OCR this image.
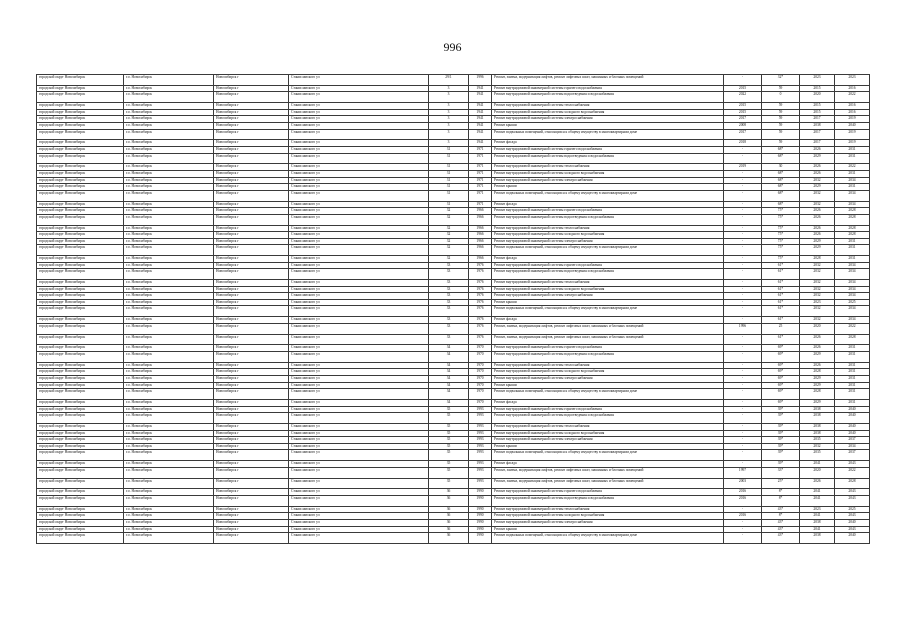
996
городской округ Новосибирск	г.о. Новосибирск	Новосибирск г	Станиславского ул	29/1	1996	Ремонт, замена, модернизация лифтов, ремонт лифтовых шахт, машинных и блочных помещений	-	32*	2023	2023
городской округ Новосибирск	г.о. Новосибирск	Новосибирск г	Станиславского ул	3	1941	Ремонт внутридомовой инженерной системы горячего водоснабжения	2015	59	2015	2016
городской округ Новосибирск	г.о. Новосибирск	Новосибирск г	Станиславского ул	3	1941	Ремонт внутридомовой инженерной системы водоотведения и водоснабжения	2022	0	2020	2022
городской округ Новосибирск	г.о. Новосибирск	Новосибирск г	Станиславского ул	3	1941	Ремонт внутридомовой инженерной системы теплоснабжения	2015	59	2015	2016
городской округ Новосибирск	г.о. Новосибирск	Новосибирск г	Станиславского ул	3	1941	Ремонт внутридомовой инженерной системы холодного водоснабжения	2015	59	2015	2016
городской округ Новосибирск	г.о. Новосибирск	Новосибирск г	Станиславского ул	3	1941	Ремонт внутридомовой инженерной системы электроснабжения	2017	59	2017	2019
городской округ Новосибирск	г.о. Новосибирск	Новосибирск г	Станиславского ул	3	1941	Ремонт крыши	2008	59	2038	2040
городской округ Новосибирск	г.о. Новосибирск	Новосибирск г	Станиславского ул	3	1941	Ремонт подвальных помещений, относящихся к общему имуществу в многоквартирном доме	2017	59	2017	2019
городской округ Новосибирск	г.о. Новосибирск	Новосибирск г	Станиславского ул	3	1941	Ремонт фасада	2018	59	2017	2019
городской округ Новосибирск	г.о. Новосибирск	Новосибирск г	Станиславского ул	31	1971	Ремонт внутридомовой инженерной системы горячего водоснабжения	-	68*	2026	2031
городской округ Новосибирск	г.о. Новосибирск	Новосибирск г	Станиславского ул	31	1971	Ремонт внутридомовой инженерной системы водоотведения и водоснабжения	-	68*	2029	2031
городской округ Новосибирск	г.о. Новосибирск	Новосибирск г	Станиславского ул	31	1971	Ремонт внутридомовой инженерной системы теплоснабжения	2019	30	2026	2022
городской округ Новосибирск	г.о. Новосибирск	Новосибирск г	Станиславского ул	31	1971	Ремонт внутридомовой инженерной системы холодного водоснабжения	-	68*	2026	2031
городской округ Новосибирск	г.о. Новосибирск	Новосибирск г	Станиславского ул	31	1971	Ремонт внутридомовой инженерной системы электроснабжения	-	68*	2032	2034
городской округ Новосибирск	г.о. Новосибирск	Новосибирск г	Станиславского ул	31	1971	Ремонт крыши	-	68*	2029	2031
городской округ Новосибирск	г.о. Новосибирск	Новосибирск г	Станиславского ул	31	1971	Ремонт подвальных помещений, относящихся к общему имуществу в многоквартирном доме	-	68*	2032	2034
городской округ Новосибирск	г.о. Новосибирск	Новосибирск г	Станиславского ул	31	1971	Ремонт фасада	-	68*	2032	2034
городской округ Новосибирск	г.о. Новосибирск	Новосибирск г	Станиславского ул	32	1966	Ремонт внутридомовой инженерной системы горячего водоснабжения	-	75*	2026	2028
городской округ Новосибирск	г.о. Новосибирск	Новосибирск г	Станиславского ул	32	1966	Ремонт внутридомовой инженерной системы водоотведения и водоснабжения	-	75*	2026	2028
городской округ Новосибирск	г.о. Новосибирск	Новосибирск г	Станиславского ул	32	1966	Ремонт внутридомовой инженерной системы теплоснабжения	-	75*	2026	2028
городской округ Новосибирск	г.о. Новосибирск	Новосибирск г	Станиславского ул	32	1966	Ремонт внутридомовой инженерной системы холодного водоснабжения	-	75*	2026	2028
городской округ Новосибирск	г.о. Новосибирск	Новосибирск г	Станиславского ул	32	1966	Ремонт внутридомовой инженерной системы электроснабжения	-	75*	2029	2031
городской округ Новосибирск	г.о. Новосибирск	Новосибирск г	Станиславского ул	32	1966	Ремонт подвальных помещений, относящихся к общему имуществу в многоквартирном доме	-	75*	2029	2031
городской округ Новосибирск	г.о. Новосибирск	Новосибирск г	Станиславского ул	32	1966	Ремонт фасада	-	75*	2028	2031
городской округ Новосибирск	г.о. Новосибирск	Новосибирск г	Станиславского ул	33	1976	Ремонт внутридомовой инженерной системы горячего водоснабжения	-	61*	2032	2034
городской округ Новосибирск	г.о. Новосибирск	Новосибирск г	Станиславского ул	33	1976	Ремонт внутридомовой инженерной системы водоотведения и водоснабжения	-	61*	2032	2034
городской округ Новосибирск	г.о. Новосибирск	Новосибирск г	Станиславского ул	33	1976	Ремонт внутридомовой инженерной системы теплоснабжения	-	61*	2032	2034
городской округ Новосибирск	г.о. Новосибирск	Новосибирск г	Станиславского ул	33	1976	Ремонт внутридомовой инженерной системы холодного водоснабжения	-	61*	2032	2034
городской округ Новосибирск	г.о. Новосибирск	Новосибирск г	Станиславского ул	33	1976	Ремонт внутридомовой инженерной системы электроснабжения	-	61*	2032	2034
городской округ Новосибирск	г.о. Новосибирск	Новосибирск г	Станиславского ул	33	1976	Ремонт крыши	-	61*	2023	2025
городской округ Новосибирск	г.о. Новосибирск	Новосибирск г	Станиславского ул	33	1976	Ремонт подвальных помещений, относящихся к общему имуществу в многоквартирном доме	-	61*	2032	2034
городской округ Новосибирск	г.о. Новосибирск	Новосибирск г	Станиславского ул	33	1976	Ремонт фасада	-	61*	2032	2034
городской округ Новосибирск	г.о. Новосибирск	Новосибирск г	Станиславского ул	33	1976	Ремонт, замена, модернизация лифтов, ремонт лифтовых шахт, машинных и блочных помещений	1996	25	2020	2022
городской округ Новосибирск	г.о. Новосибирск	Новосибирск г	Станиславского ул	33	1976	Ремонт, замена, модернизация лифтов, ремонт лифтовых шахт, машинных и блочных помещений	-	61*	2026	2028
городской округ Новосибирск	г.о. Новосибирск	Новосибирск г	Станиславского ул	34	1970	Ремонт внутридомовой инженерной системы горячего водоснабжения	-	69*	2026	2031
городской округ Новосибирск	г.о. Новосибирск	Новосибирск г	Станиславского ул	34	1970	Ремонт внутридомовой инженерной системы водоотведения и водоснабжения	-	69*	2029	2031
городской округ Новосибирск	г.о. Новосибирск	Новосибирск г	Станиславского ул	34	1970	Ремонт внутридомовой инженерной системы теплоснабжения	-	69*	2026	2031
городской округ Новосибирск	г.о. Новосибирск	Новосибирск г	Станиславского ул	34	1970	Ремонт внутридомовой инженерной системы холодного водоснабжения	-	69*	2028	2031
городской округ Новосибирск	г.о. Новосибирск	Новосибирск г	Станиславского ул	34	1970	Ремонт внутридомовой инженерной системы электроснабжения	-	69*	2029	2031
городской округ Новосибирск	г.о. Новосибирск	Новосибирск г	Станиславского ул	34	1970	Ремонт крыши	-	69*	2029	2031
городской округ Новосибирск	г.о. Новосибирск	Новосибирск г	Станиславского ул	34	1970	Ремонт подвальных помещений, относящихся к общему имуществу в многоквартирном доме	-	69*	2028	2031
городской округ Новосибирск	г.о. Новосибирск	Новосибирск г	Станиславского ул	34	1970	Ремонт фасада	-	69*	2029	2031
городской округ Новосибирск	г.о. Новосибирск	Новосибирск г	Станиславского ул	35	1993	Ремонт внутридомовой инженерной системы горячего водоснабжения	-	39*	2038	2040
городской округ Новосибирск	г.о. Новосибирск	Новосибирск г	Станиславского ул	35	1993	Ремонт внутридомовой инженерной системы водоотведения и водоснабжения	-	39*	2038	2040
городской округ Новосибирск	г.о. Новосибирск	Новосибирск г	Станиславского ул	35	1993	Ремонт внутридомовой инженерной системы теплоснабжения	-	39*	2038	2040
городской округ Новосибирск	г.о. Новосибирск	Новосибирск г	Станиславского ул	35	1993	Ремонт внутридомовой инженерной системы холодного водоснабжения	-	39*	2038	2040
городской округ Новосибирск	г.о. Новосибирск	Новосибирск г	Станиславского ул	35	1993	Ремонт внутридомовой инженерной системы электроснабжения	-	39*	2035	2037
городской округ Новосибирск	г.о. Новосибирск	Новосибирск г	Станиславского ул	35	1993	Ремонт крыши	-	39*	2032	2034
городской округ Новосибирск	г.о. Новосибирск	Новосибирск г	Станиславского ул	35	1993	Ремонт подвальных помещений, относящихся к общему имуществу в многоквартирном доме	-	39*	2035	2037
городской округ Новосибирск	г.о. Новосибирск	Новосибирск г	Станиславского ул	35	1993	Ремонт фасада	-	39*	2041	2043
городской округ Новосибирск	г.о. Новосибирск	Новосибирск г	Станиславского ул	35	1993	Ремонт, замена, модернизация лифтов, ремонт лифтовых шахт, машинных и блочных помещений	1997	33*	2020	2022
городской округ Новосибирск	г.о. Новосибирск	Новосибирск г	Станиславского ул	35	1993	Ремонт, замена, модернизация лифтов, ремонт лифтовых шахт, машинных и блочных помещений	2003	25*	2026	2028
городской округ Новосибирск	г.о. Новосибирск	Новосибирск г	Станиславского ул	36	1990	Ремонт внутридомовой инженерной системы горячего водоснабжения	2016	8*	2041	2043
городской округ Новосибирск	г.о. Новосибирск	Новосибирск г	Станиславского ул	36	1990	Ремонт внутридомовой инженерной системы водоотведения и водоснабжения	2016	8*	2041	2043
городской округ Новосибирск	г.о. Новосибирск	Новосибирск г	Станиславского ул	36	1990	Ремонт внутридомовой инженерной системы теплоснабжения	-	43*	2023	2025
городской округ Новосибирск	г.о. Новосибирск	Новосибирск г	Станиславского ул	36	1990	Ремонт внутридомовой инженерной системы холодного водоснабжения	2016	8*	2041	2043
городской округ Новосибирск	г.о. Новосибирск	Новосибирск г	Станиславского ул	36	1990	Ремонт внутридомовой инженерной системы электроснабжения	-	43*	2038	2040
городской округ Новосибирск	г.о. Новосибирск	Новосибирск г	Станиславского ул	36	1990	Ремонт крыши	-	43*	2041	2043
городской округ Новосибирск	г.о. Новосибирск	Новосибирск г	Станиславского ул	36	1990	Ремонт подвальных помещений, относящихся к общему имуществу в многоквартирном доме	-	43*	2038	2040
